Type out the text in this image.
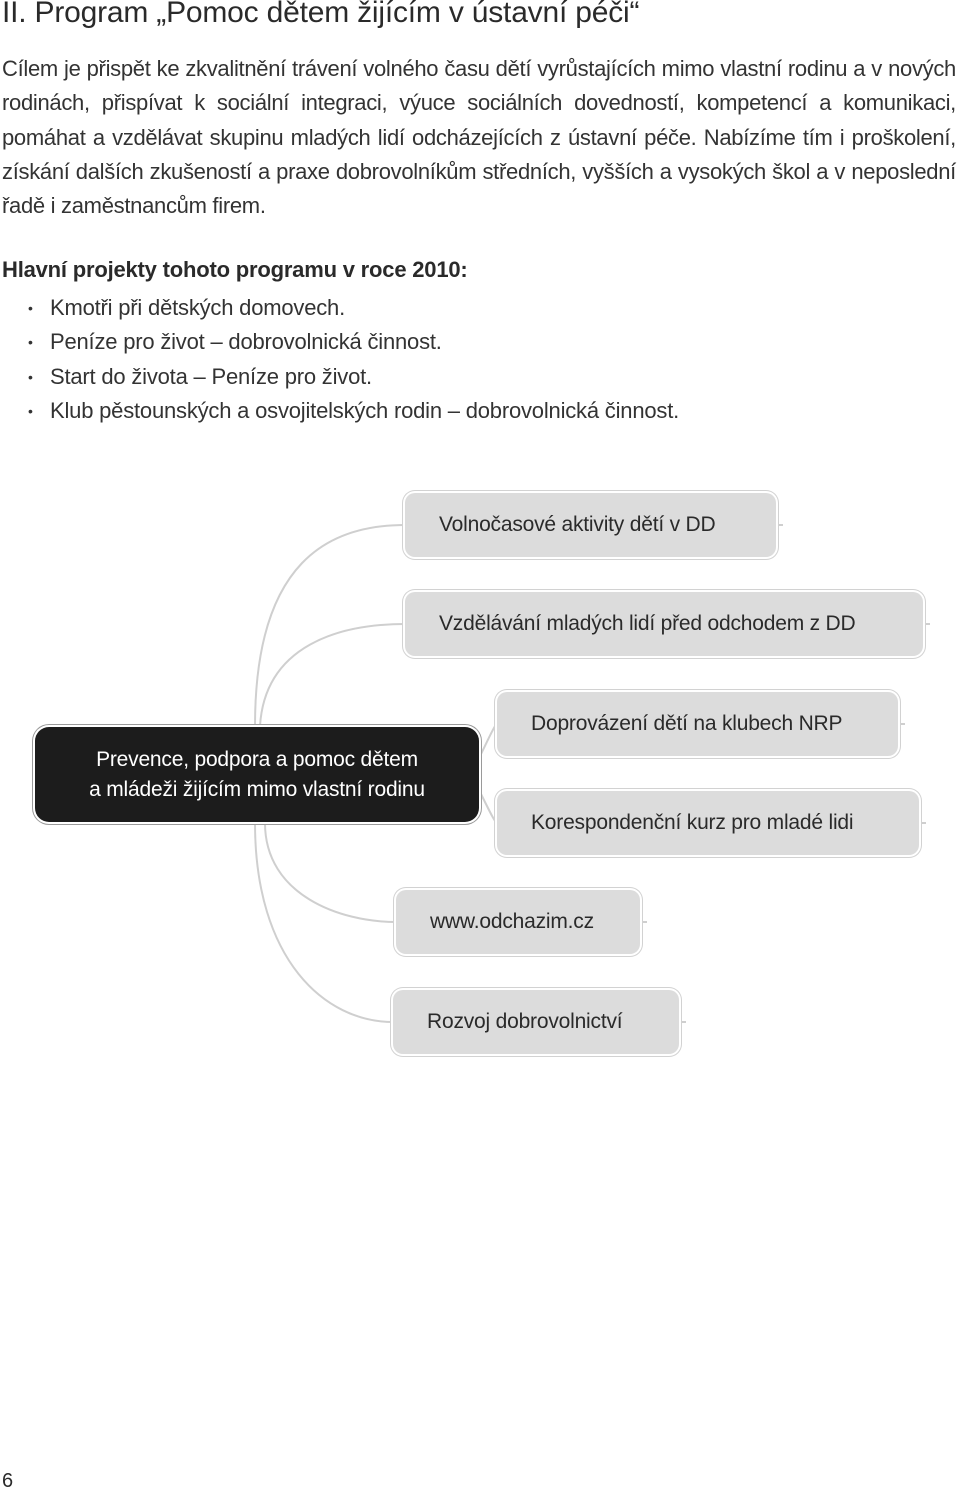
II. Program „Pomoc dětem žijícím v ústavní péči“

Cílem je přispět ke zkvalitnění trávení volného času dětí vyrůstajících mimo vlastní rodinu a v nových rodinách, přispívat k sociální integraci, výuce sociálních dovedností, kompetencí a komunikaci, pomáhat a vzdělávat skupinu mladých lidí odcházejících z ústavní péče. Nabízíme tím i proškolení, získání dalších zkušeností a praxe dobrovolníkům středních, vyšších a vysokých škol a v neposlední řadě i zaměstnancům firem.

Hlavní projekty tohoto programu v roce 2010:
• Kmotři při dětských domovech.
• Peníze pro život – dobrovolnická činnost.
• Start do života – Peníze pro život.
• Klub pěstounských a osvojitelských rodin – dobrovolnická činnost.
Prevence, podpora a pomoc dětem
a mládeži žijícím mimo vlastní rodinu
Volnočasové aktivity dětí v DD
Vzdělávání mladých lidí před odchodem z DD
Doprovázení dětí na klubech NRP
Korespondenční kurz pro mladé lidi
www.odchazim.cz
Rozvoj dobrovolnictví
6
